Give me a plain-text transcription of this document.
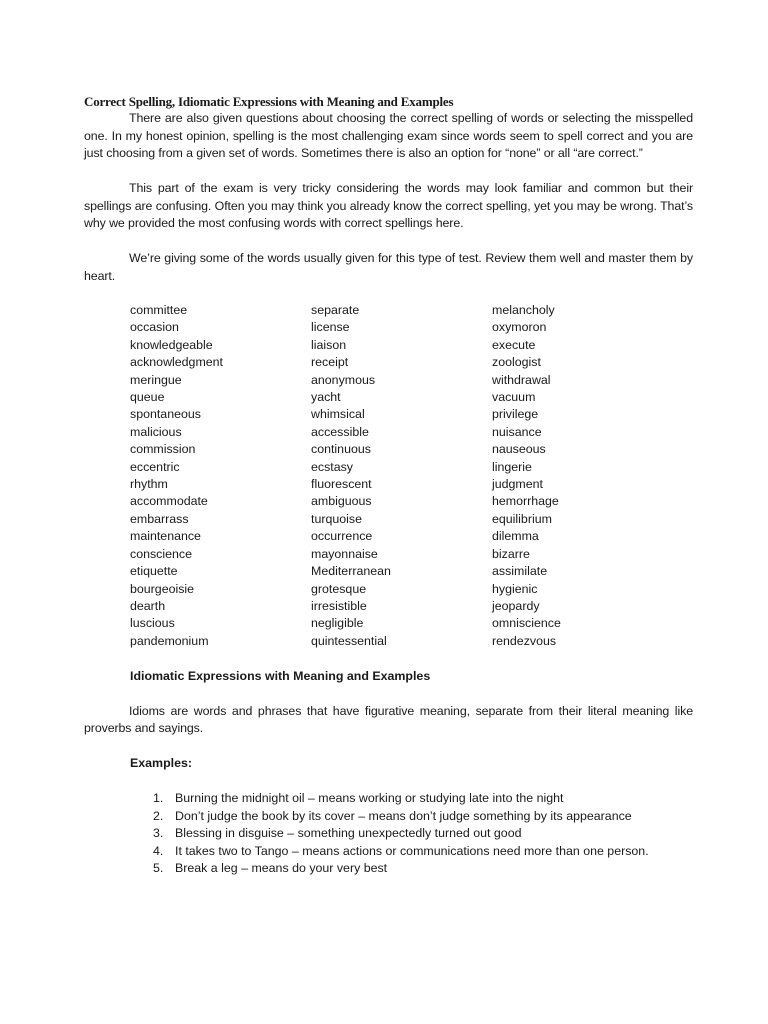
Correct Spelling, Idiomatic Expressions with Meaning and Examples

There are also given questions about choosing the correct spelling of words or selecting the misspelled one. In my honest opinion, spelling is the most challenging exam since words seem to spell correct and you are just choosing from a given set of words. Sometimes there is also an option for “none” or all “are correct.”

This part of the exam is very tricky considering the words may look familiar and common but their spellings are confusing. Often you may think you already know the correct spelling, yet you may be wrong. That’s why we provided the most confusing words with correct spellings here.

We’re giving some of the words usually given for this type of test. Review them well and master them by heart.

committee
occasion
knowledgeable
acknowledgment
meringue
queue
spontaneous
malicious
commission
eccentric
rhythm
accommodate
embarrass
maintenance
conscience
etiquette
bourgeoisie
dearth
luscious
pandemonium
separate
license
liaison
receipt
anonymous
yacht
whimsical
accessible
continuous
ecstasy
fluorescent
ambiguous
turquoise
occurrence
mayonnaise
Mediterranean
grotesque
irresistible
negligible
quintessential
melancholy
oxymoron
execute
zoologist
withdrawal
vacuum
privilege
nuisance
nauseous
lingerie
judgment
hemorrhage
equilibrium
dilemma
bizarre
assimilate
hygienic
jeopardy
omniscience
rendezvous

Idiomatic Expressions with Meaning and Examples

Idioms are words and phrases that have figurative meaning, separate from their literal meaning like proverbs and sayings.

Examples:

1. Burning the midnight oil – means working or studying late into the night
2. Don’t judge the book by its cover – means don’t judge something by its appearance
3. Blessing in disguise – something unexpectedly turned out good
4. It takes two to Tango – means actions or communications need more than one person.
5. Break a leg – means do your very best
